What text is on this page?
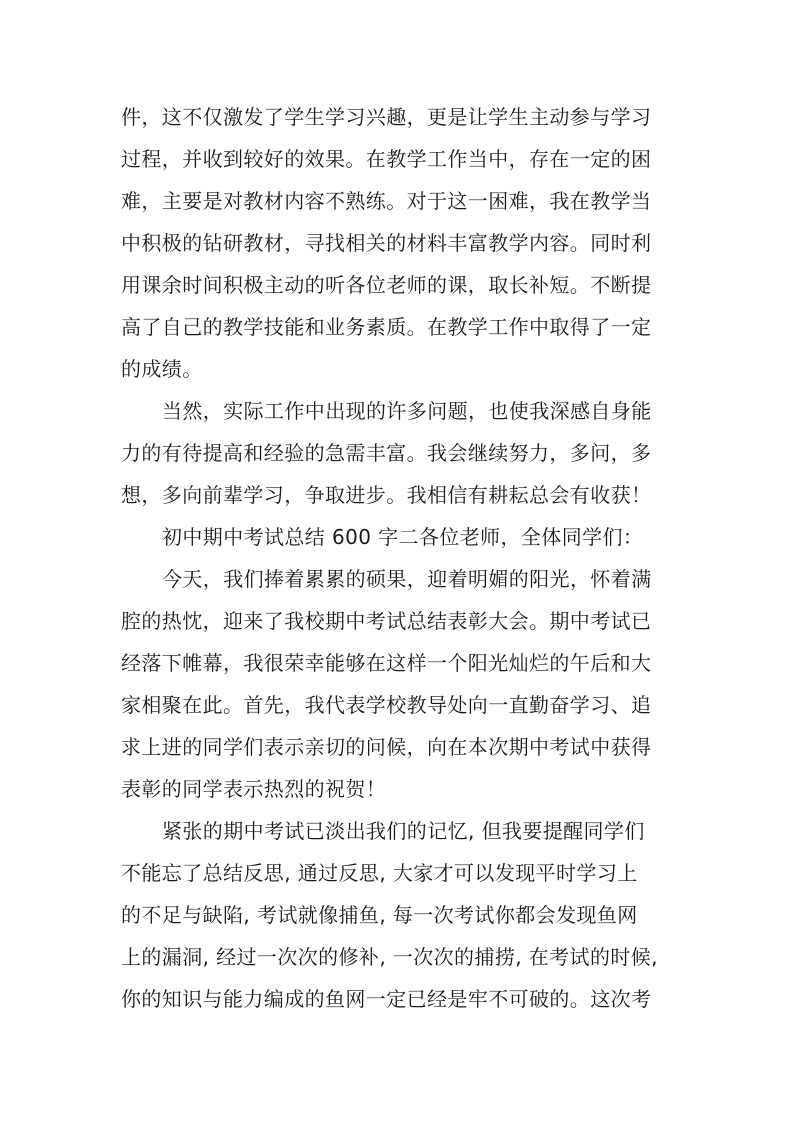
件，这不仅激发了学生学习兴趣，更是让学生主动参与学习
过程，并收到较好的效果。在教学工作当中，存在一定的困
难，主要是对教材内容不熟练。对于这一困难，我在教学当
中积极的钻研教材，寻找相关的材料丰富教学内容。同时利
用课余时间积极主动的听各位老师的课，取长补短。不断提
高了自己的教学技能和业务素质。在教学工作中取得了一定
的成绩。
当然，实际工作中出现的许多问题，也使我深感自身能
力的有待提高和经验的急需丰富。我会继续努力，多问，多
想，多向前辈学习，争取进步。我相信有耕耘总会有收获！
初中期中考试总结 600 字二各位老师，全体同学们：
今天，我们捧着累累的硕果，迎着明媚的阳光，怀着满
腔的热忱，迎来了我校期中考试总结表彰大会。期中考试已
经落下帷幕，我很荣幸能够在这样一个阳光灿烂的午后和大
家相聚在此。首先，我代表学校教导处向一直勤奋学习、追
求上进的同学们表示亲切的问候，向在本次期中考试中获得
表彰的同学表示热烈的祝贺！
紧张的期中考试已淡出我们的记忆, 但我要提醒同学们
不能忘了总结反思, 通过反思, 大家才可以发现平时学习上
的不足与缺陷, 考试就像捕鱼, 每一次考试你都会发现鱼网
上的漏洞, 经过一次次的修补, 一次次的捕捞, 在考试的时候,
你的知识与能力编成的鱼网一定已经是牢不可破的。这次考
